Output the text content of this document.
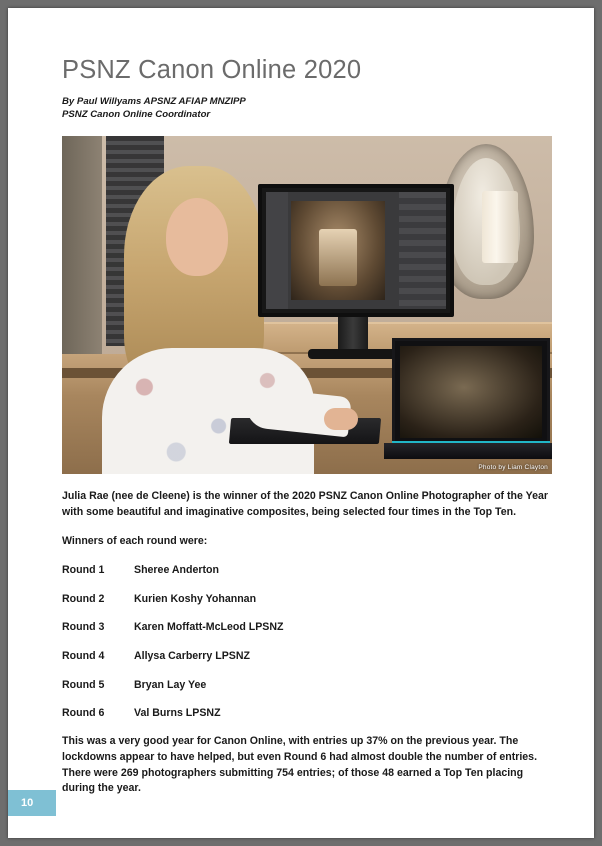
PSNZ Canon Online 2020
By Paul Willyams APSNZ AFIAP MNZIPP
PSNZ Canon Online Coordinator
Photo by Liam Clayton

Julia Rae (nee de Cleene) is the winner of the 2020 PSNZ Canon Online Photographer of the Year with some beautiful and imaginative composites, being selected four times in the Top Ten.

Winners of each round were:

Round 1	Sheree Anderton
Round 2	Kurien Koshy Yohannan
Round 3	Karen Moffatt-McLeod LPSNZ
Round 4	Allysa Carberry LPSNZ
Round 5	Bryan Lay Yee
Round 6	Val Burns LPSNZ

This was a very good year for Canon Online, with entries up 37% on the previous year. The lockdowns appear to have helped, but even Round 6 had almost double the number of entries. There were 269 photographers submitting 754 entries; of those 48 earned a Top Ten placing during the year.

10
